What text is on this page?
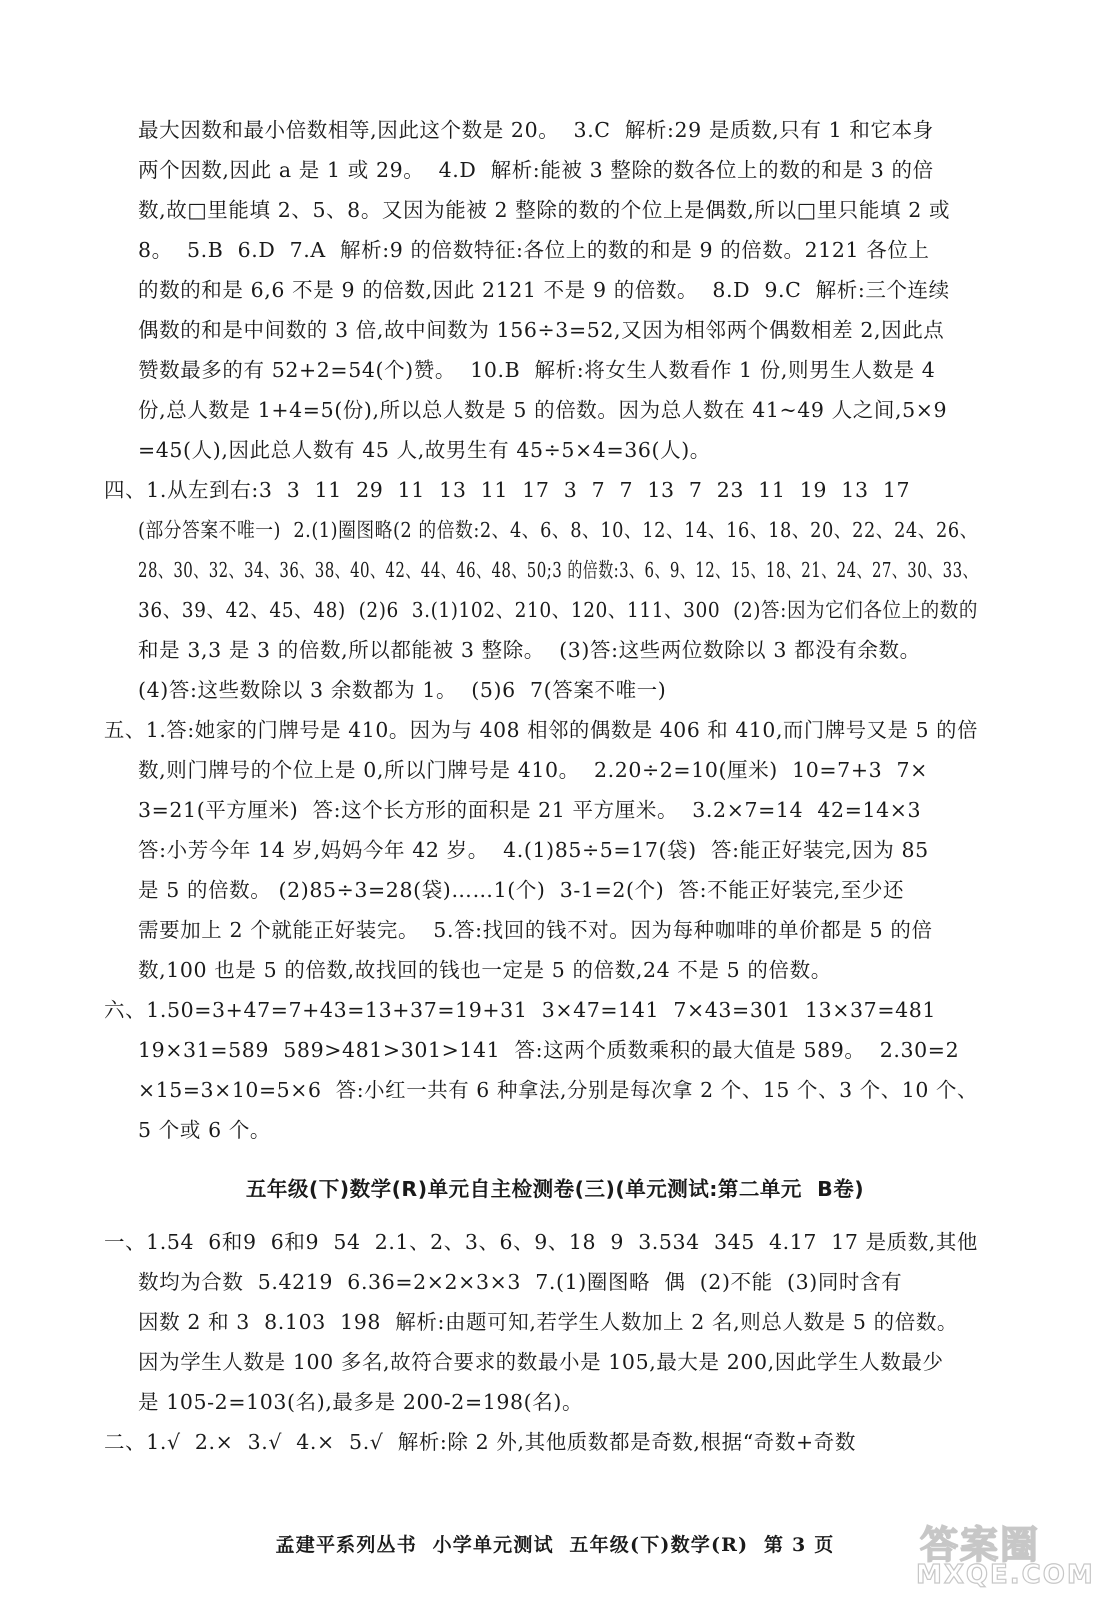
最大因数和最小倍数相等,因此这个数是 20。  3.C  解析:29 是质数,只有 1 和它本身
两个因数,因此 a 是 1 或 29。  4.D  解析:能被 3 整除的数各位上的数的和是 3 的倍
数,故□里能填 2、5、8。又因为能被 2 整除的数的个位上是偶数,所以□里只能填 2 或
8。  5.B  6.D  7.A  解析:9 的倍数特征:各位上的数的和是 9 的倍数。2121 各位上
的数的和是 6,6 不是 9 的倍数,因此 2121 不是 9 的倍数。  8.D  9.C  解析:三个连续
偶数的和是中间数的 3 倍,故中间数为 156÷3=52,又因为相邻两个偶数相差 2,因此点
赞数最多的有 52+2=54(个)赞。  10.B  解析:将女生人数看作 1 份,则男生人数是 4
份,总人数是 1+4=5(份),所以总人数是 5 的倍数。因为总人数在 41~49 人之间,5×9
=45(人),因此总人数有 45 人,故男生有 45÷5×4=36(人)。
四、1.从左到右:3  3  11  29  11  13  11  17  3  7  7  13  7  23  11  19  13  17
(部分答案不唯一)  2.(1)圈图略(2 的倍数:2、4、6、8、10、12、14、16、18、20、22、24、26、
28、30、32、34、36、38、40、42、44、46、48、50;3 的倍数:3、6、9、12、15、18、21、24、27、30、33、
36、39、42、45、48)  (2)6  3.(1)102、210、120、111、300  (2)答:因为它们各位上的数的
和是 3,3 是 3 的倍数,所以都能被 3 整除。  (3)答:这些两位数除以 3 都没有余数。
(4)答:这些数除以 3 余数都为 1。  (5)6  7(答案不唯一)
五、1.答:她家的门牌号是 410。因为与 408 相邻的偶数是 406 和 410,而门牌号又是 5 的倍
数,则门牌号的个位上是 0,所以门牌号是 410。  2.20÷2=10(厘米)  10=7+3  7×
3=21(平方厘米)  答:这个长方形的面积是 21 平方厘米。  3.2×7=14  42=14×3
答:小芳今年 14 岁,妈妈今年 42 岁。  4.(1)85÷5=17(袋)  答:能正好装完,因为 85
是 5 的倍数。 (2)85÷3=28(袋)……1(个)  3-1=2(个)  答:不能正好装完,至少还
需要加上 2 个就能正好装完。  5.答:找回的钱不对。因为每种咖啡的单价都是 5 的倍
数,100 也是 5 的倍数,故找回的钱也一定是 5 的倍数,24 不是 5 的倍数。
六、1.50=3+47=7+43=13+37=19+31  3×47=141  7×43=301  13×37=481
19×31=589  589>481>301>141  答:这两个质数乘积的最大值是 589。  2.30=2
×15=3×10=5×6  答:小红一共有 6 种拿法,分别是每次拿 2 个、15 个、3 个、10 个、
5 个或 6 个。
五年级(下)数学(R)单元自主检测卷(三)(单元测试:第二单元  B卷)
一、1.54  6和9  6和9  54  2.1、2、3、6、9、18  9  3.534  345  4.17  17 是质数,其他
数均为合数  5.4219  6.36=2×2×3×3  7.(1)圈图略  偶  (2)不能  (3)同时含有
因数 2 和 3  8.103  198  解析:由题可知,若学生人数加上 2 名,则总人数是 5 的倍数。
因为学生人数是 100 多名,故符合要求的数最小是 105,最大是 200,因此学生人数最少
是 105-2=103(名),最多是 200-2=198(名)。
二、1.√  2.×  3.√  4.×  5.√  解析:除 2 外,其他质数都是奇数,根据“奇数+奇数
孟建平系列丛书  小学单元测试  五年级(下)数学(R)  第 3 页	答案圈
MXQE.COM
